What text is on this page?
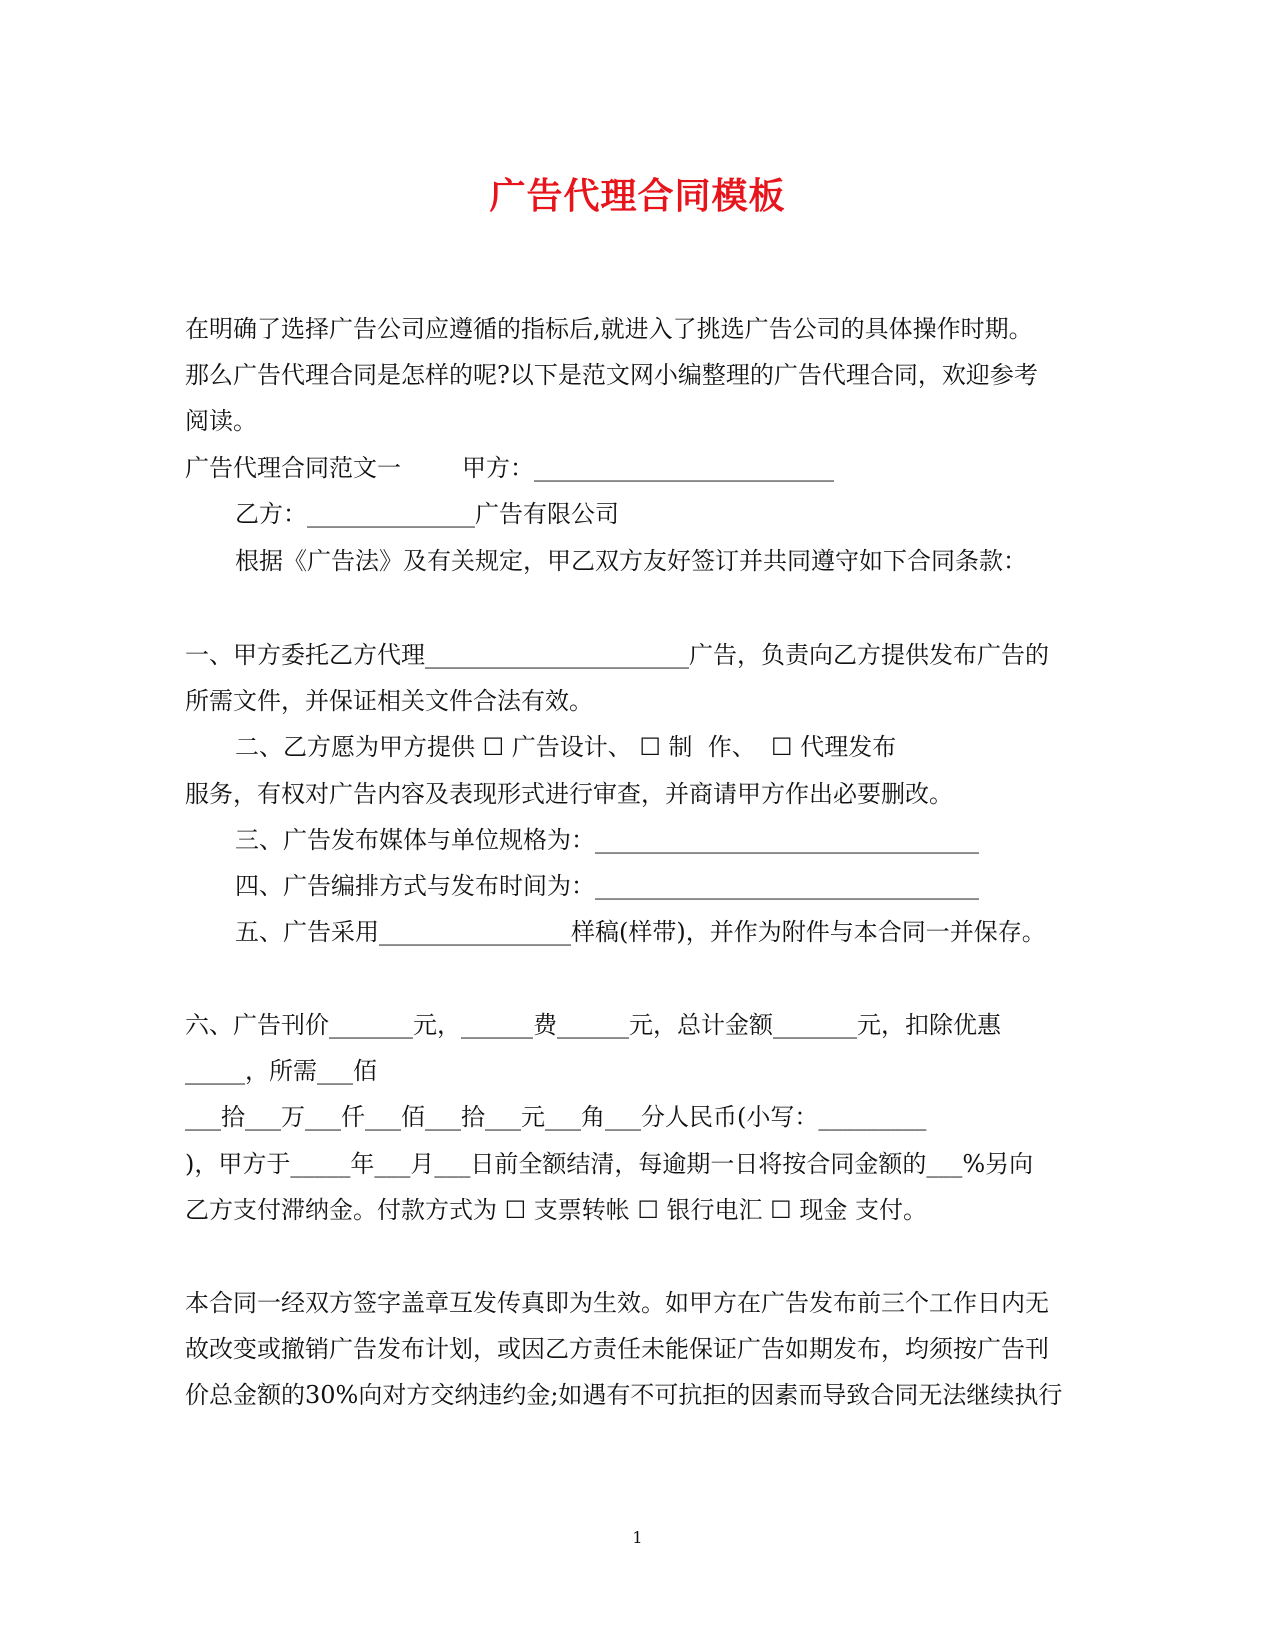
广告代理合同模板
在明确了选择广告公司应遵循的指标后,就进入了挑选广告公司的具体操作时期。
那么广告代理合同是怎样的呢?以下是范文网小编整理的广告代理合同，欢迎参考
阅读。
广告代理合同范文一        甲方：_________________________
乙方：______________广告有限公司
根据《广告法》及有关规定，甲乙双方友好签订并共同遵守如下合同条款：
一、甲方委托乙方代理______________________广告，负责向乙方提供发布广告的
所需文件，并保证相关文件合法有效。
二、乙方愿为甲方提供 ☐ 广告设计、 ☐ 制  作、  ☐ 代理发布
服务，有权对广告内容及表现形式进行审查，并商请甲方作出必要删改。
三、广告发布媒体与单位规格为：________________________________
四、广告编排方式与发布时间为：________________________________
五、广告采用________________样稿(样带)，并作为附件与本合同一并保存。
六、广告刊价_______元，______费______元，总计金额_______元，扣除优惠
_____，所需___佰
___拾___万___仟___佰___拾___元___角___分人民币(小写：_________
)，甲方于_____年___月___日前全额结清，每逾期一日将按合同金额的___%另向
乙方支付滞纳金。付款方式为 ☐ 支票转帐 ☐ 银行电汇 ☐ 现金 支付。
本合同一经双方签字盖章互发传真即为生效。如甲方在广告发布前三个工作日内无
故改变或撤销广告发布计划，或因乙方责任未能保证广告如期发布，均须按广告刊
价总金额的30%向对方交纳违约金;如遇有不可抗拒的因素而导致合同无法继续执行
1
